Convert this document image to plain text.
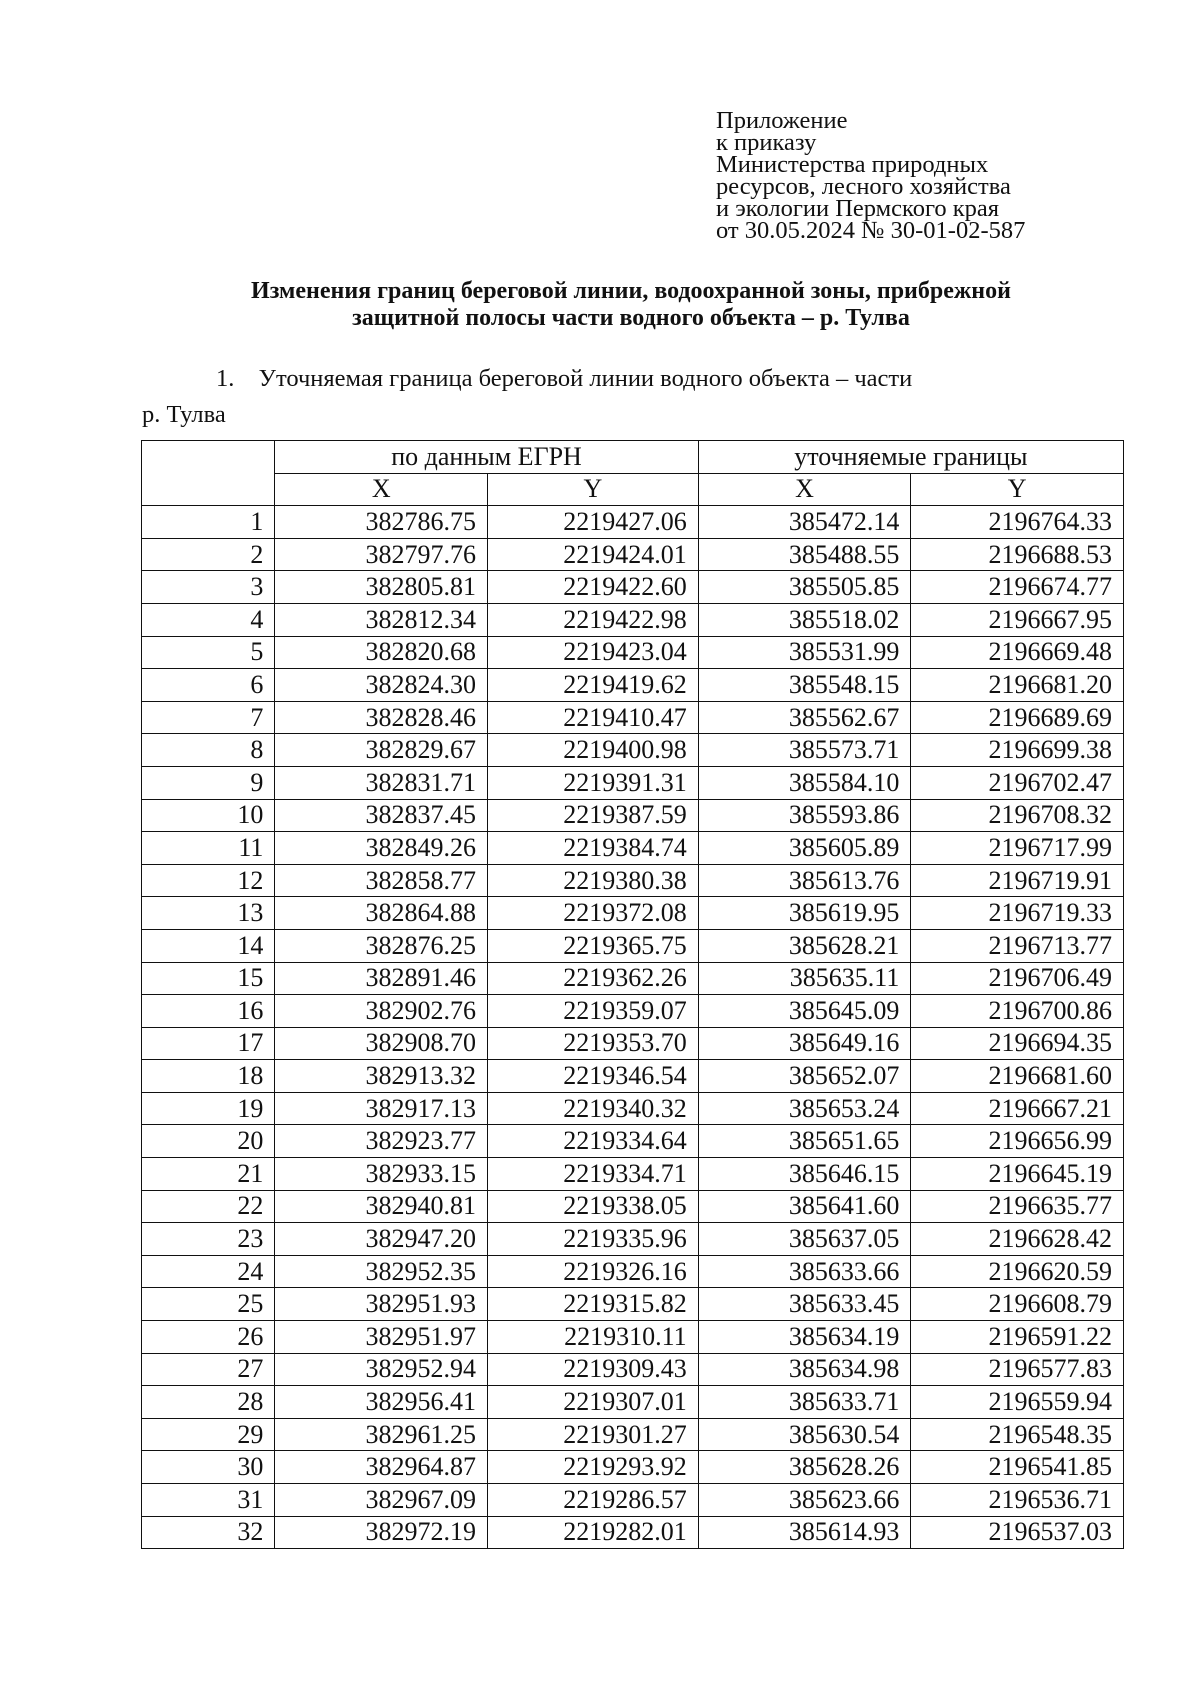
Приложение
к приказу
Министерства природных
ресурсов, лесного хозяйства
и экологии Пермского края
от 30.05.2024 № 30-01-02-587
Изменения границ береговой линии, водоохранной зоны, прибрежной
защитной полосы части водного объекта – р. Тулва
1. Уточняемая граница береговой линии водного объекта – части
р. Тулва
	по данным ЕГРН		уточняемые границы	
	X	Y	X	Y
1	382786.75	2219427.06	385472.14	2196764.33
2	382797.76	2219424.01	385488.55	2196688.53
3	382805.81	2219422.60	385505.85	2196674.77
4	382812.34	2219422.98	385518.02	2196667.95
5	382820.68	2219423.04	385531.99	2196669.48
6	382824.30	2219419.62	385548.15	2196681.20
7	382828.46	2219410.47	385562.67	2196689.69
8	382829.67	2219400.98	385573.71	2196699.38
9	382831.71	2219391.31	385584.10	2196702.47
10	382837.45	2219387.59	385593.86	2196708.32
11	382849.26	2219384.74	385605.89	2196717.99
12	382858.77	2219380.38	385613.76	2196719.91
13	382864.88	2219372.08	385619.95	2196719.33
14	382876.25	2219365.75	385628.21	2196713.77
15	382891.46	2219362.26	385635.11	2196706.49
16	382902.76	2219359.07	385645.09	2196700.86
17	382908.70	2219353.70	385649.16	2196694.35
18	382913.32	2219346.54	385652.07	2196681.60
19	382917.13	2219340.32	385653.24	2196667.21
20	382923.77	2219334.64	385651.65	2196656.99
21	382933.15	2219334.71	385646.15	2196645.19
22	382940.81	2219338.05	385641.60	2196635.77
23	382947.20	2219335.96	385637.05	2196628.42
24	382952.35	2219326.16	385633.66	2196620.59
25	382951.93	2219315.82	385633.45	2196608.79
26	382951.97	2219310.11	385634.19	2196591.22
27	382952.94	2219309.43	385634.98	2196577.83
28	382956.41	2219307.01	385633.71	2196559.94
29	382961.25	2219301.27	385630.54	2196548.35
30	382964.87	2219293.92	385628.26	2196541.85
31	382967.09	2219286.57	385623.66	2196536.71
32	382972.19	2219282.01	385614.93	2196537.03
